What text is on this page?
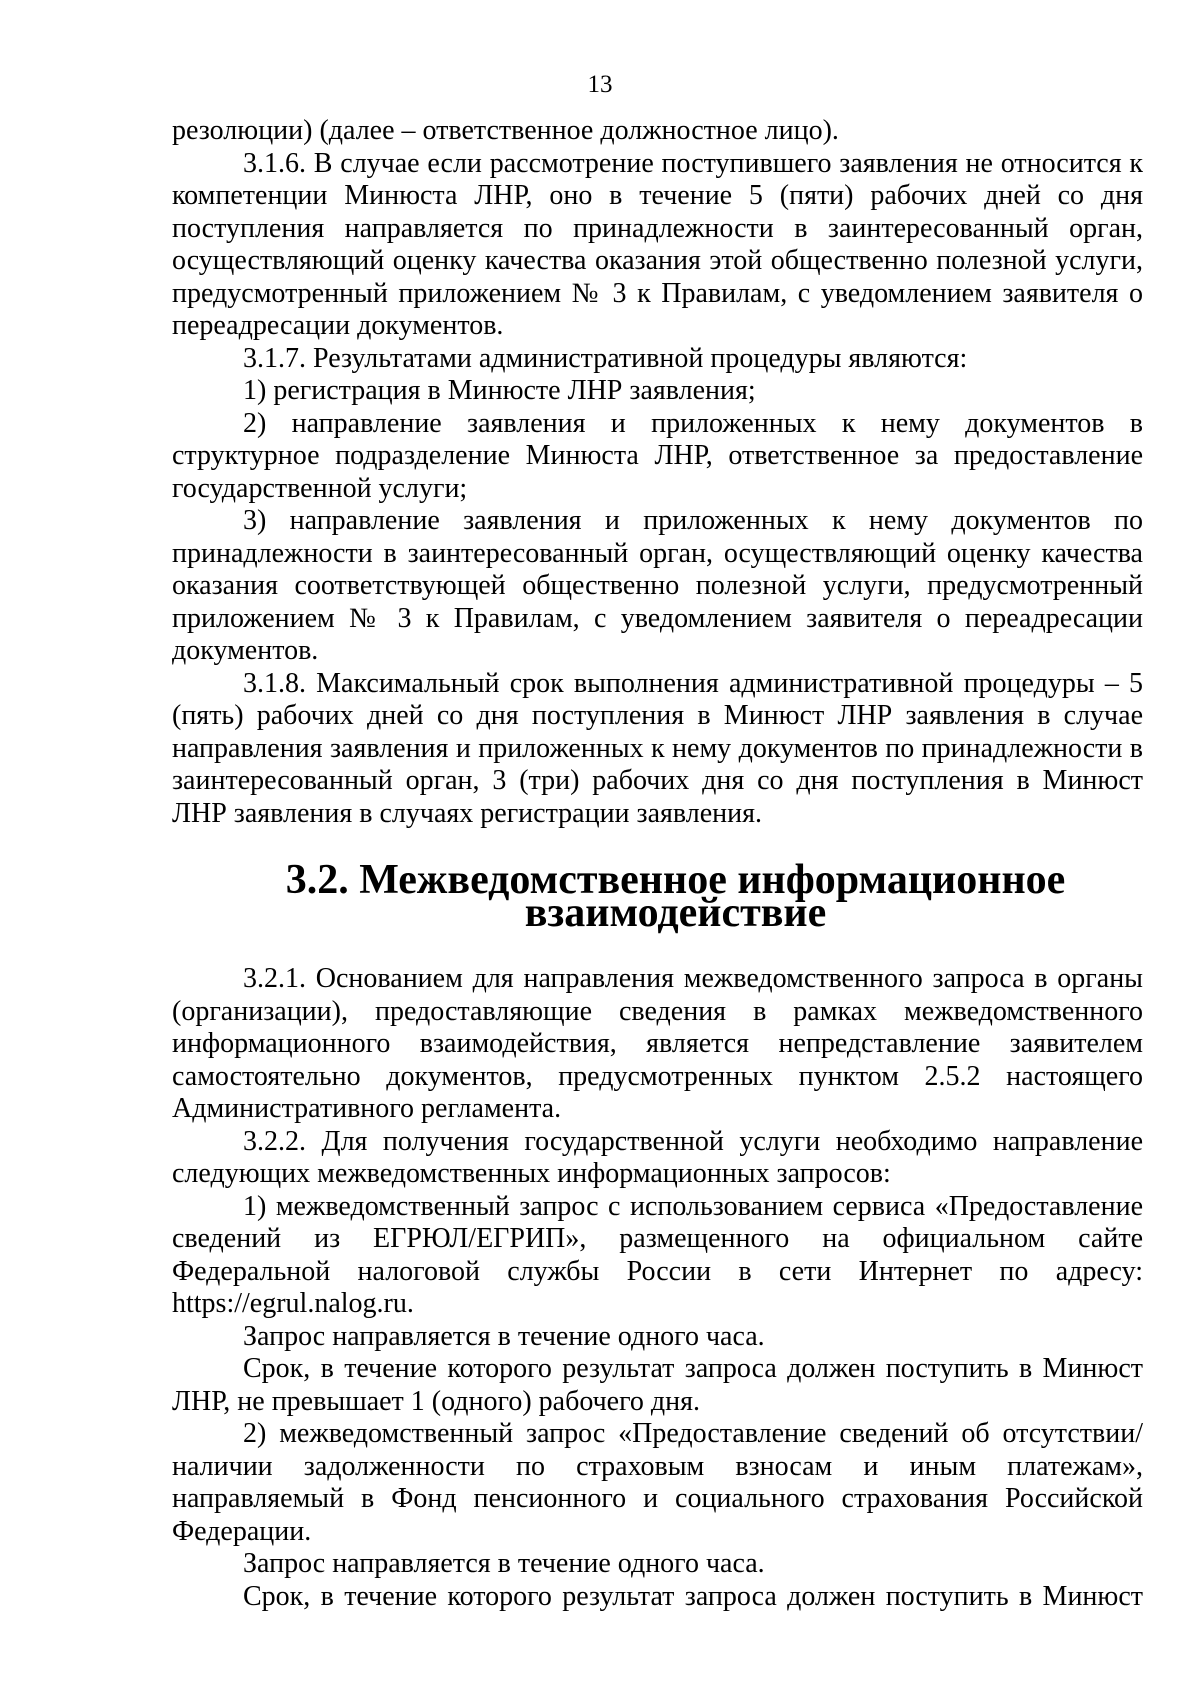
13

резолюции) (далее – ответственное должностное лицо).

3.1.6. В случае если рассмотрение поступившего заявления не относится к компетенции Минюста ЛНР, оно в течение 5 (пяти) рабочих дней со дня поступления направляется по принадлежности в заинтересованный орган, осуществляющий оценку качества оказания этой общественно полезной услуги, предусмотренный приложением № 3 к Правилам, с уведомлением заявителя о переадресации документов.

3.1.7. Результатами административной процедуры являются:

1) регистрация в Минюсте ЛНР заявления;

2) направление заявления и приложенных к нему документов в структурное подразделение Минюста ЛНР, ответственное за предоставление государственной услуги;

3) направление заявления и приложенных к нему документов по принадлежности в заинтересованный орган, осуществляющий оценку качества оказания соответствующей общественно полезной услуги, предусмотренный приложением № 3 к Правилам, с уведомлением заявителя о переадресации документов.

3.1.8. Максимальный срок выполнения административной процедуры – 5 (пять) рабочих дней со дня поступления в Минюст ЛНР заявления в случае направления заявления и приложенных к нему документов по принадлежности в заинтересованный орган, 3 (три) рабочих дня со дня поступления в Минюст ЛНР заявления в случаях регистрации заявления.

3.2. Межведомственное информационное взаимодействие

3.2.1. Основанием для направления межведомственного запроса в органы (организации), предоставляющие сведения в рамках межведомственного информационного взаимодействия, является непредставление заявителем самостоятельно документов, предусмотренных пунктом 2.5.2 настоящего Административного регламента.

3.2.2. Для получения государственной услуги необходимо направление следующих межведомственных информационных запросов:

1) межведомственный запрос с использованием сервиса «Предоставление сведений из ЕГРЮЛ/ЕГРИП», размещенного на официальном сайте Федеральной налоговой службы России в сети Интернет по адресу: https://egrul.nalog.ru.

Запрос направляется в течение одного часа.

Срок, в течение которого результат запроса должен поступить в Минюст ЛНР, не превышает 1 (одного) рабочего дня.

2) межведомственный запрос «Предоставление сведений об отсутствии/наличии задолженности по страховым взносам и иным платежам», направляемый в Фонд пенсионного и социального страхования Российской Федерации.

Запрос направляется в течение одного часа.

Срок, в течение которого результат запроса должен поступить в Минюст
